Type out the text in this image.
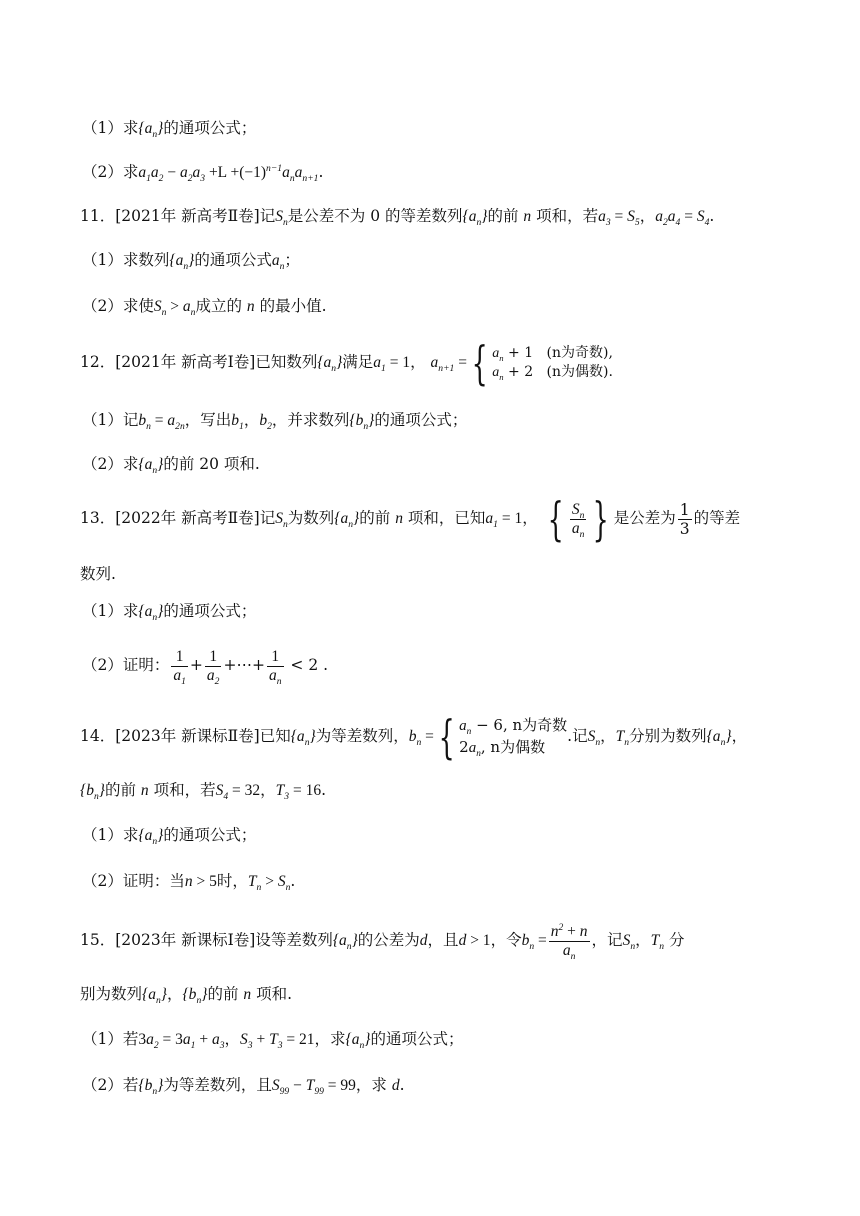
（1）求$\{a_n\}$的通项公式；
（2）求$a_1a_2 - a_2a_3 +L +(-1)^{n-1}a_na_{n+1}$.
11．[2021年 新高考Ⅱ卷]记$S_n$是公差不为 0 的等差数列$\{a_n\}$的前 n 项和，若$a_3 = S_5$，$a_2a_4 = S_4$.
（1）求数列$\{a_n\}$的通项公式$a_n$；
（2）求使$S_n > a_n$成立的 n 的最小值.
12．[2021年 新高考Ⅰ卷]已知数列$\{a_n\}$满足$a_1 = 1$， $a_{n+1}$ ={ $a_n + 1$   (n为奇数),
$a_n + 2$   (n为偶数).
（1）记$b_n = a_{2n}$，写出$b_1$，$b_2$，并求数列$\{b_n\}$的通项公式；
（2）求$\{a_n\}$的前 20 项和.
13．[2022年 新高考Ⅱ卷]记$S_n$为数列$\{a_n\}$的前 n 项和，已知$a_1 = 1$， { $\frac{S_n}{a_n}$ } 是公差为 $\frac{1}{3}$ 的等差
数列.
（1）求$\{a_n\}$的通项公式；
（2）证明： $\frac{1}{a_1} + \frac{1}{a_2}$ +⋯+ $\frac{1}{a_n} < 2$ .
14．[2023年 新课标Ⅱ卷]已知$\{a_n\}$为等差数列，$b_n$ ={ $a_n - 6$, n为奇数
$2a_n$, n为偶数
.记$S_n$，$T_n$分别为数列$\{a_n\}$，
$\{b_n\}$的前 n 项和，若$S_4 = 32$，$T_3 = 16$.
（1）求$\{a_n\}$的通项公式；
（2）证明：当n > 5时，$T_n > S_n$.
15．[2023年 新课标Ⅰ卷]设等差数列$\{a_n\}$的公差为d，且d > 1，令$b_n = \frac{n^2 + n}{a_n}$ ，记$S_n$，$T_n$ 分
别为数列$\{a_n\}$，$\{b_n\}$的前 n 项和.
（1）若$3a_2 = 3a_1 + a_3$，$S_3 + T_3 = 21$，求$\{a_n\}$的通项公式；
（2）若$\{b_n\}$为等差数列，且$S_{99} - T_{99} = 99$，求 d.
